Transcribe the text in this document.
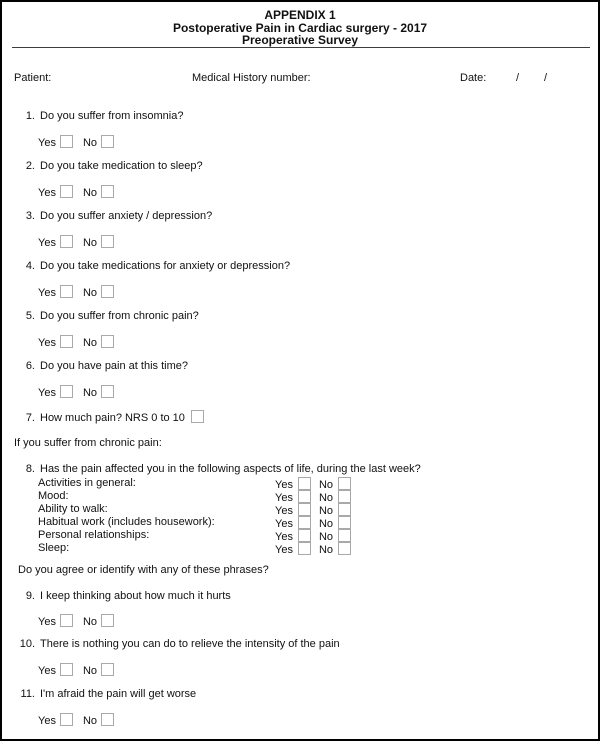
APPENDIX 1
Postoperative Pain in Cardiac surgery - 2017
Preoperative Survey
Patient:	Medical History number:	Date:	/ /
1. Do you suffer from insomnia?
Yes No
2. Do you take medication to sleep?
Yes No
3. Do you suffer anxiety / depression?
Yes No
4. Do you take medications for anxiety or depression?
Yes No
5. Do you suffer from chronic pain?
Yes No
6. Do you have pain at this time?
Yes No
7. How much pain? NRS 0 to 10
If you suffer from chronic pain:
8. Has the pain affected you in the following aspects of life, during the last week?
Activities in general:	Yes No
Mood:	Yes No
Ability to walk:	Yes No
Habitual work (includes housework):	Yes No
Personal relationships:	Yes No
Sleep:	Yes No
Do you agree or identify with any of these phrases?
9. I keep thinking about how much it hurts
Yes No
10. There is nothing you can do to relieve the intensity of the pain
Yes No
11. I'm afraid the pain will get worse
Yes No
